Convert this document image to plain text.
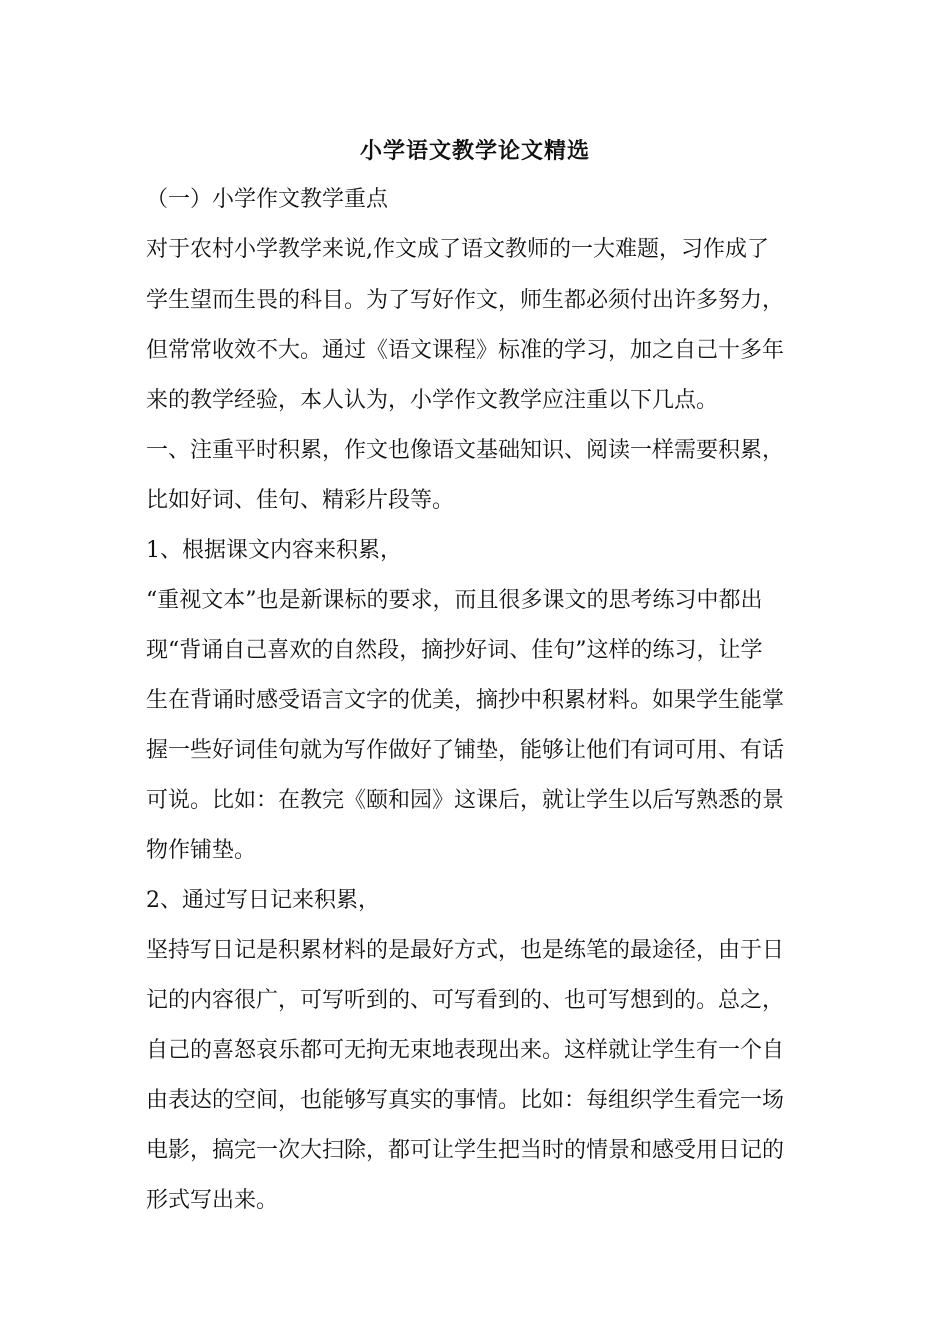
小学语文教学论文精选

（一）小学作文教学重点

对于农村小学教学来说,作文成了语文教师的一大难题，习作成了

学生望而生畏的科目。为了写好作文，师生都必须付出许多努力，

但常常收效不大。通过《语文课程》标准的学习，加之自己十多年

来的教学经验，本人认为，小学作文教学应注重以下几点。

一、注重平时积累，作文也像语文基础知识、阅读一样需要积累，

比如好词、佳句、精彩片段等。

1、根据课文内容来积累，

“重视文本”也是新课标的要求，而且很多课文的思考练习中都出

现“背诵自己喜欢的自然段，摘抄好词、佳句”这样的练习，让学

生在背诵时感受语言文字的优美，摘抄中积累材料。如果学生能掌

握一些好词佳句就为写作做好了铺垫，能够让他们有词可用、有话

可说。比如：在教完《颐和园》这课后，就让学生以后写熟悉的景

物作铺垫。

2、通过写日记来积累，

坚持写日记是积累材料的是最好方式，也是练笔的最途径，由于日

记的内容很广，可写听到的、可写看到的、也可写想到的。总之，

自己的喜怒哀乐都可无拘无束地表现出来。这样就让学生有一个自

由表达的空间，也能够写真实的事情。比如：每组织学生看完一场

电影，搞完一次大扫除，都可让学生把当时的情景和感受用日记的

形式写出来。
